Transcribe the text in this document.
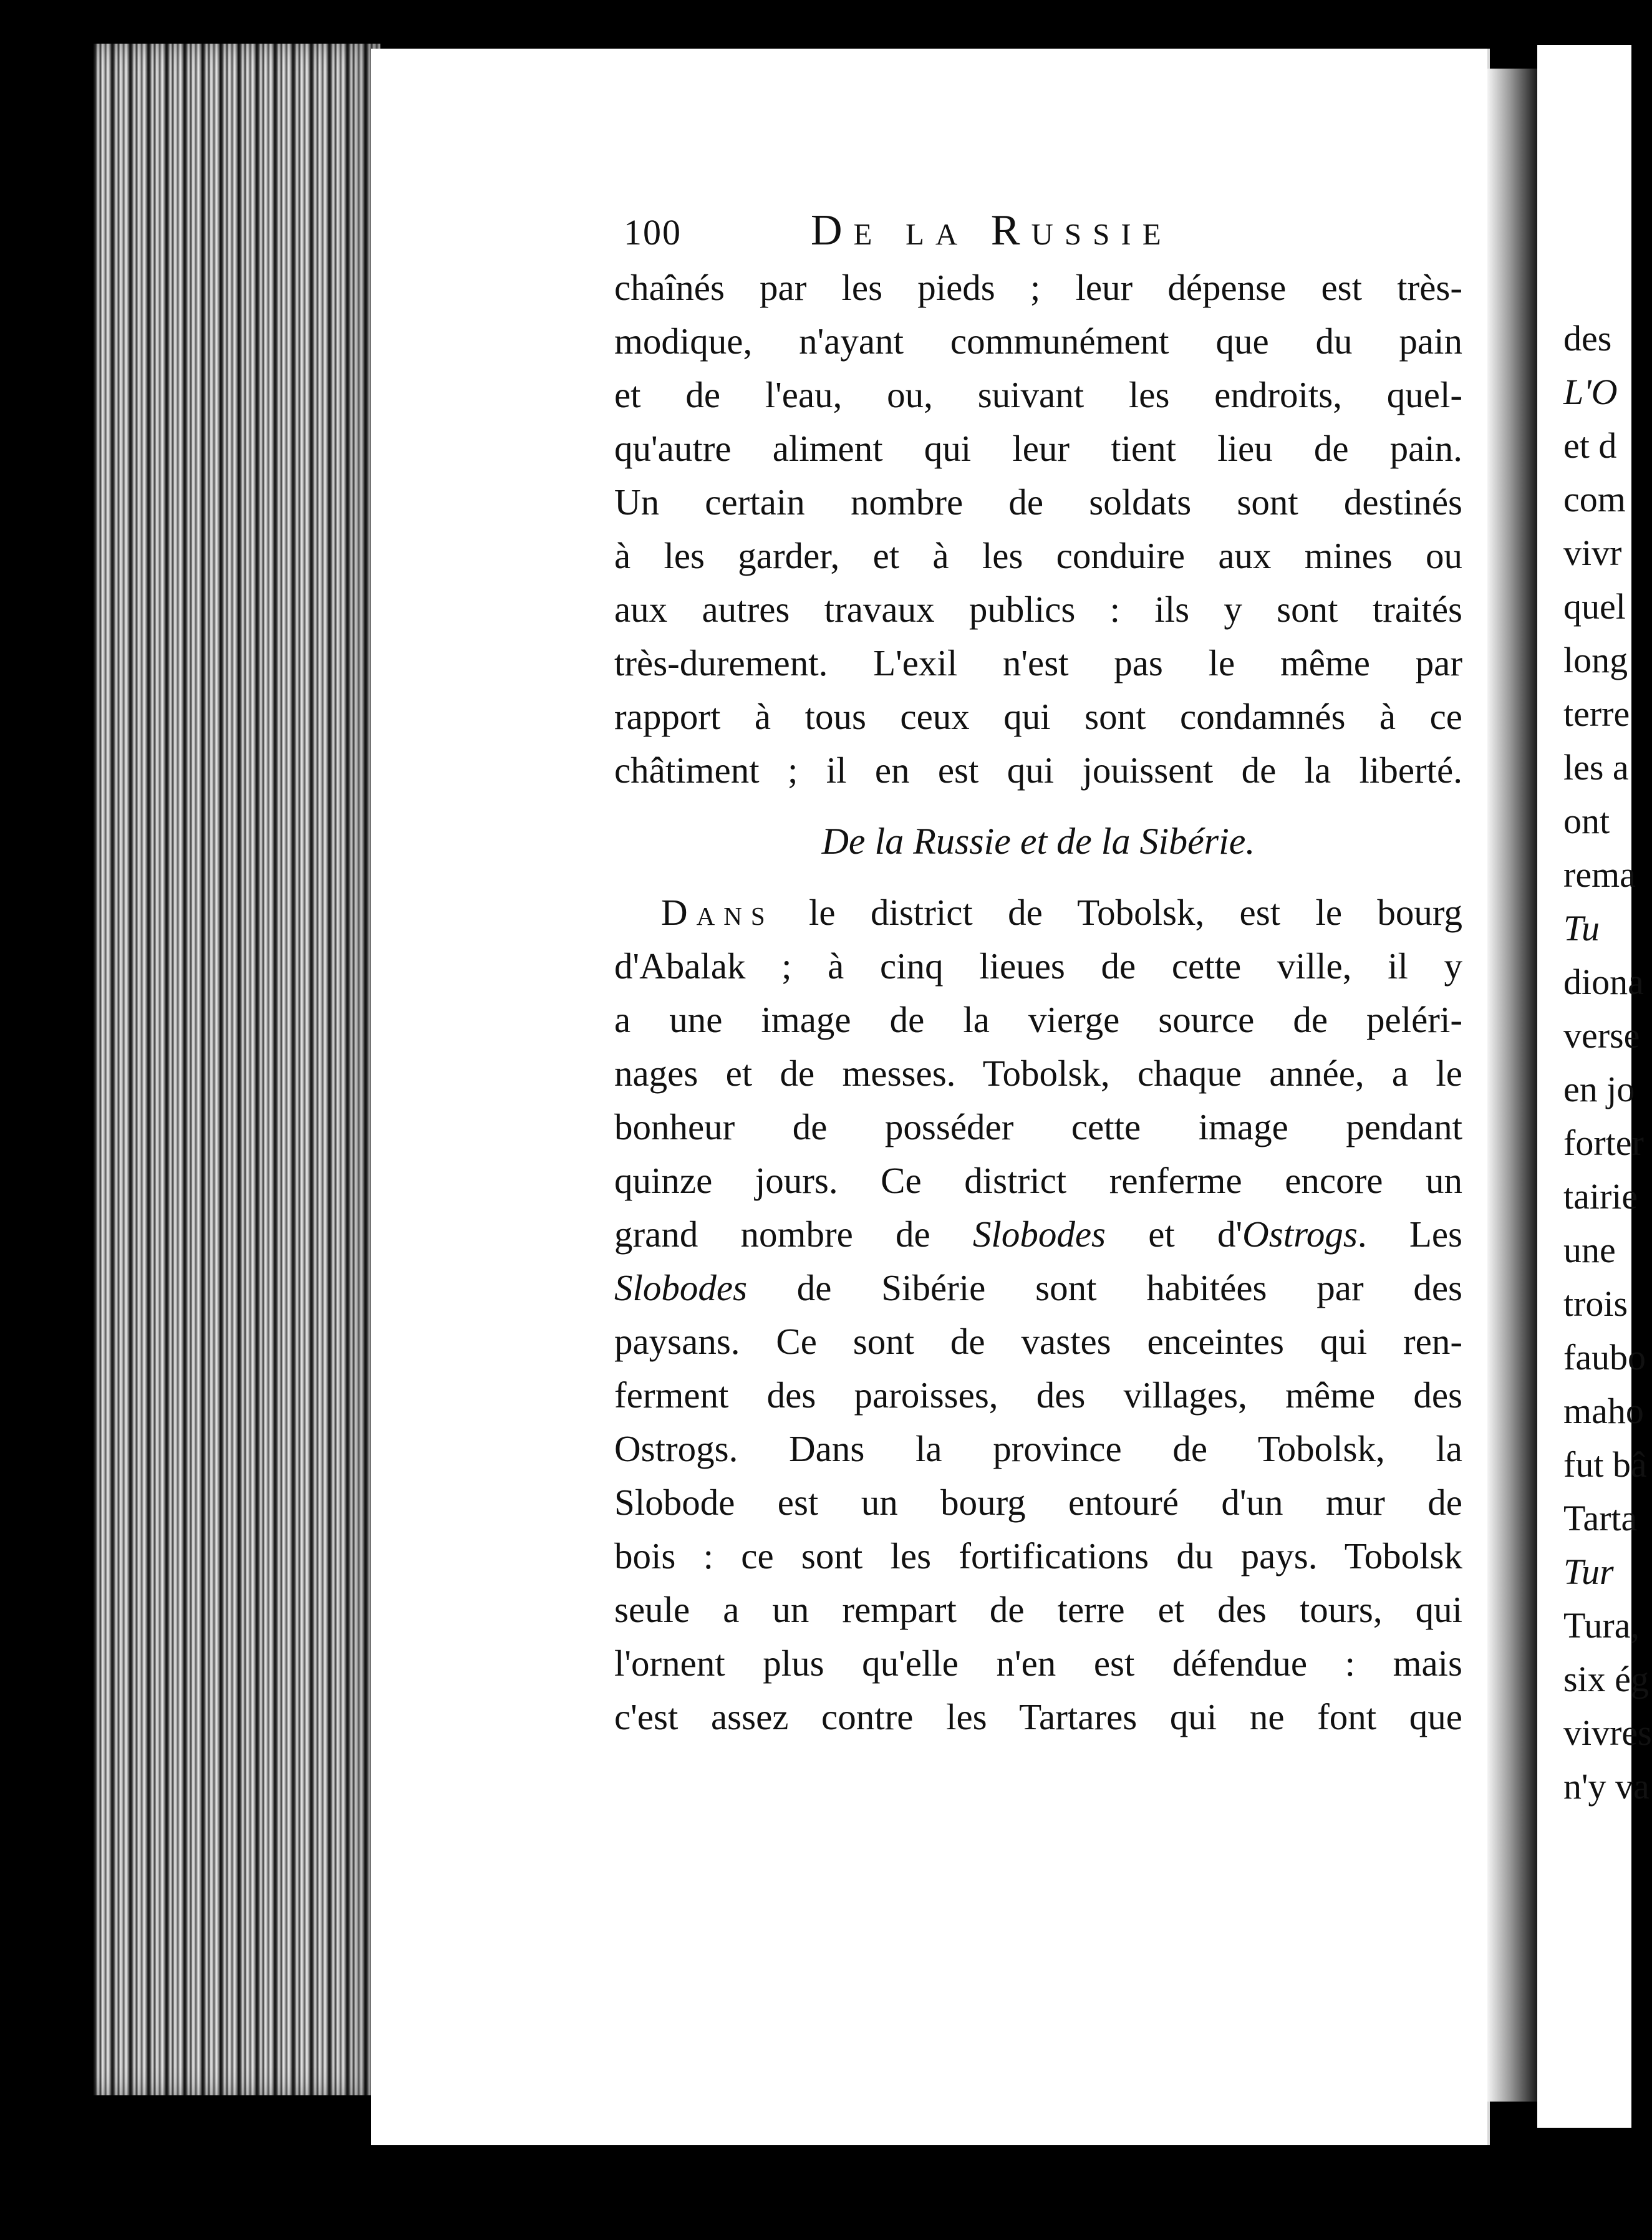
100	De la Russie
chaînés par les pieds ; leur dépense est très-
modique, n'ayant communément que du pain
et de l'eau, ou, suivant les endroits, quel-
qu'autre aliment qui leur tient lieu de pain.
Un certain nombre de soldats sont destinés
à les garder, et à les conduire aux mines ou
aux autres travaux publics : ils y sont traités
très-durement. L'exil n'est pas le même par
rapport à tous ceux qui sont condamnés à ce
châtiment ; il en est qui jouissent de la liberté.
De la Russie et de la Sibérie.
Dans le district de Tobolsk, est le bourg
d'Abalak ; à cinq lieues de cette ville, il y
a une image de la vierge source de peléri-
nages et de messes. Tobolsk, chaque année, a le
bonheur de posséder cette image pendant
quinze jours. Ce district renferme encore un
grand nombre de Slobodes et d'Ostrogs. Les
Slobodes de Sibérie sont habitées par des
paysans. Ce sont de vastes enceintes qui ren-
ferment des paroisses, des villages, même des
Ostrogs. Dans la province de Tobolsk, la
Slobode est un bourg entouré d'un mur de
bois : ce sont les fortifications du pays. Tobolsk
seule a un rempart de terre et des tours, qui
l'ornent plus qu'elle n'en est défendue : mais
c'est assez contre les Tartares qui ne font que
des
L'O
et d
com
vivr
quel
long
terre
les a
ont
rema
Tu
diona
verse
en jo
forter
tairie
une
trois
faubo
maho
fut bâ
Tarta
Tur
Tura,
six ég
vivres
n'y va
